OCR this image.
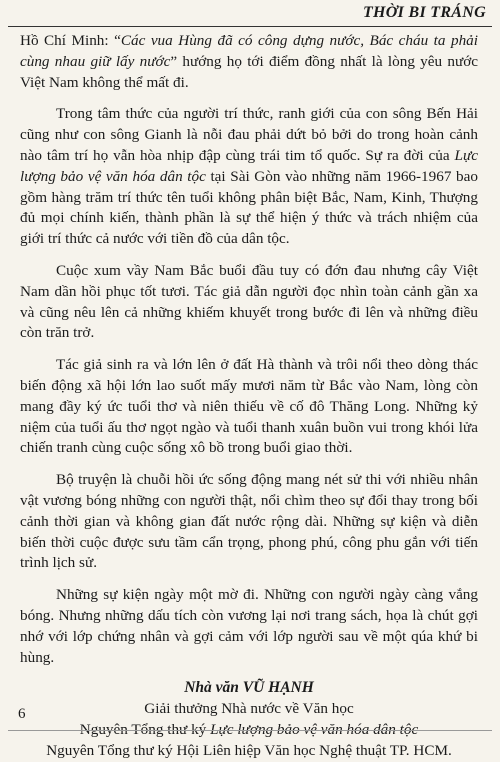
THỜI BI TRÁNG

Hồ Chí Minh: “Các vua Hùng đã có công dựng nước, Bác cháu ta phải cùng nhau giữ lấy nước” hướng họ tới điểm đồng nhất là lòng yêu nước Việt Nam không thể mất đi.

Trong tâm thức của người trí thức, ranh giới của con sông Bến Hải cũng như con sông Gianh là nỗi đau phải dứt bỏ bởi do trong hoàn cảnh nào tâm trí họ vẫn hòa nhịp đập cùng trái tim tổ quốc. Sự ra đời của Lực lượng bảo vệ văn hóa dân tộc tại Sài Gòn vào những năm 1966-1967 bao gồm hàng trăm trí thức tên tuổi không phân biệt Bắc, Nam, Kinh, Thượng đủ mọi chính kiến, thành phần là sự thể hiện ý thức và trách nhiệm của giới trí thức cả nước với tiền đồ của dân tộc.

Cuộc xum vầy Nam Bắc buổi đầu tuy có đớn đau nhưng cây Việt Nam dần hồi phục tốt tươi. Tác giả dẫn người đọc nhìn toàn cảnh gần xa và cũng nêu lên cả những khiếm khuyết trong bước đi lên và những điều còn trăn trở.

Tác giả sinh ra và lớn lên ở đất Hà thành và trôi nổi theo dòng thác biến động xã hội lớn lao suốt mấy mươi năm từ Bắc vào Nam, lòng còn mang đầy ký ức tuổi thơ và niên thiếu về cố đô Thăng Long. Những kỷ niệm của tuổi ấu thơ ngọt ngào và tuổi thanh xuân buồn vui trong khói lửa chiến tranh cùng cuộc sống xô bồ trong buổi giao thời.

Bộ truyện là chuỗi hồi ức sống động mang nét sử thi với nhiều nhân vật vương bóng những con người thật, nổi chìm theo sự đổi thay trong bối cảnh thời gian và không gian đất nước rộng dài. Những sự kiện và diễn biến thời cuộc được sưu tầm cẩn trọng, phong phú, công phu gắn với tiến trình lịch sử.

Những sự kiện ngày một mờ đi. Những con người ngày càng vắng bóng. Nhưng những dấu tích còn vương lại nơi trang sách, họa là chút gợi nhớ với lớp chứng nhân và gợi cảm với lớp người sau về một qúa khứ bi hùng.

Nhà văn VŨ HẠNH
Giải thưởng Nhà nước về Văn học
Nguyên Tổng thư ký Lực lượng bảo vệ văn hóa dân tộc
Nguyên Tổng thư ký Hội Liên hiệp Văn học Nghệ thuật TP. HCM.
6
